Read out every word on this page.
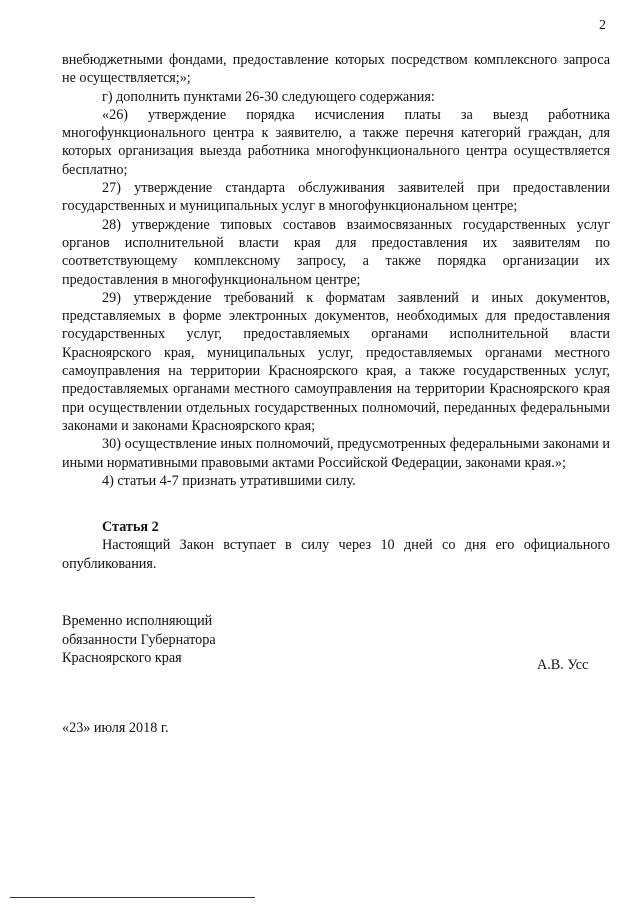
2

внебюджетными фондами, предоставление которых посредством комплексного запроса не осуществляется;»;

г) дополнить пунктами 26-30 следующего содержания:

«26) утверждение порядка исчисления платы за выезд работника многофункционального центра к заявителю, а также перечня категорий граждан, для которых организация выезда работника многофункционального центра осуществляется бесплатно;

27) утверждение стандарта обслуживания заявителей при предоставлении государственных и муниципальных услуг в многофункциональном центре;

28) утверждение типовых составов взаимосвязанных государственных услуг органов исполнительной власти края для предоставления их заявителям по соответствующему комплексному запросу, а также порядка организации их предоставления в многофункциональном центре;

29) утверждение требований к форматам заявлений и иных документов, представляемых в форме электронных документов, необходимых для предоставления государственных услуг, предоставляемых органами исполнительной власти Красноярского края, муниципальных услуг, предоставляемых органами местного самоуправления на территории Красноярского края, а также государственных услуг, предоставляемых органами местного самоуправления на территории Красноярского края при осуществлении отдельных государственных полномочий, переданных федеральными законами и законами Красноярского края;

30) осуществление иных полномочий, предусмотренных федеральными законами и иными нормативными правовыми актами Российской Федерации, законами края.»;

4) статьи 4-7 признать утратившими силу.

Статья 2

Настоящий Закон вступает в силу через 10 дней со дня его официального опубликования.

Временно исполняющий
обязанности Губернатора
Красноярского края	А.В. Усс
«23» июля 2018 г.
